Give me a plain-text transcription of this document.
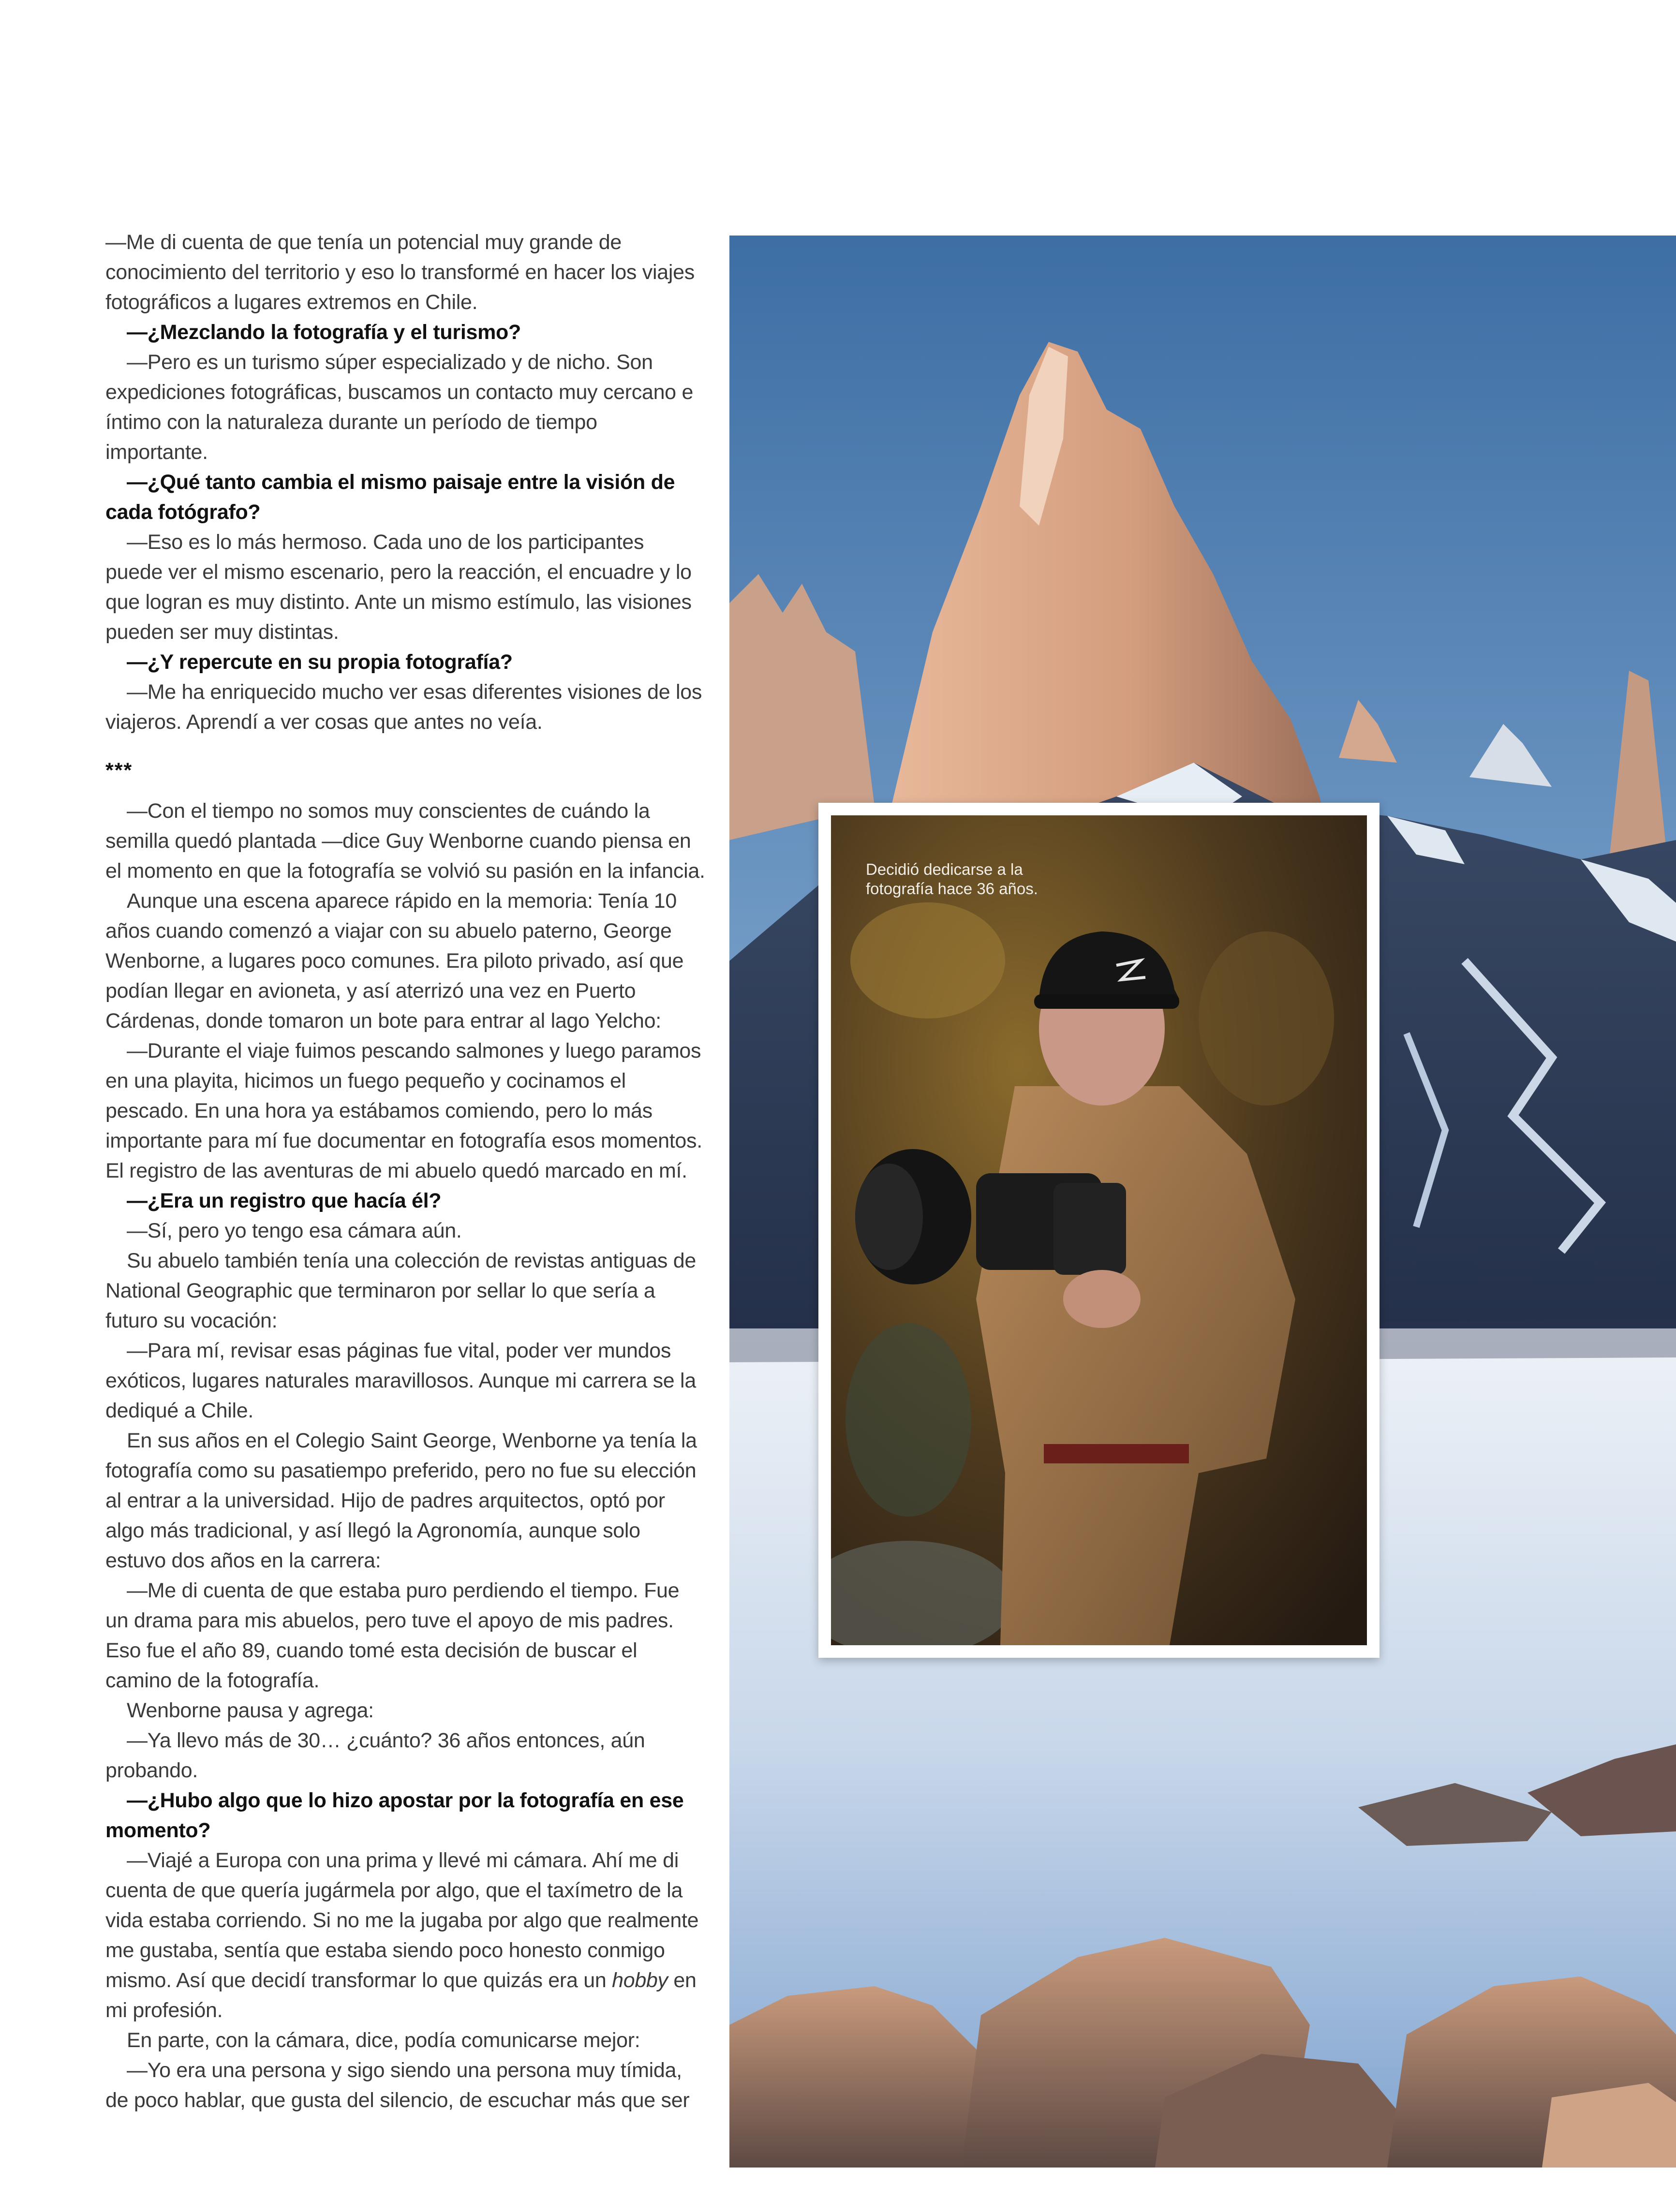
—Me di cuenta de que tenía un potencial muy grande de conocimiento del territorio y eso lo transformé en hacer los viajes fotográficos a lugares extremos en Chile.

—¿Mezclando la fotografía y el turismo?

—Pero es un turismo súper especializado y de nicho. Son expediciones fotográficas, buscamos un contacto muy cercano e íntimo con la naturaleza durante un período de tiempo importante.

—¿Qué tanto cambia el mismo paisaje entre la visión de cada fotógrafo?

—Eso es lo más hermoso. Cada uno de los participantes puede ver el mismo escenario, pero la reacción, el encuadre y lo que logran es muy distinto. Ante un mismo estímulo, las visiones pueden ser muy distintas.

—¿Y repercute en su propia fotografía?

—Me ha enriquecido mucho ver esas diferentes visiones de los viajeros. Aprendí a ver cosas que antes no veía.

***

—Con el tiempo no somos muy conscientes de cuándo la semilla quedó plantada —dice Guy Wenborne cuando piensa en el momento en que la fotografía se volvió su pasión en la infancia.

Aunque una escena aparece rápido en la memoria: Tenía 10 años cuando comenzó a viajar con su abuelo paterno, George Wenborne, a lugares poco comunes. Era piloto privado, así que podían llegar en avioneta, y así aterrizó una vez en Puerto Cárdenas, donde tomaron un bote para entrar al lago Yelcho:

—Durante el viaje fuimos pescando salmones y luego paramos en una playita, hicimos un fuego pequeño y cocinamos el pescado. En una hora ya estábamos comiendo, pero lo más importante para mí fue documentar en fotografía esos momentos. El registro de las aventuras de mi abuelo quedó marcado en mí.

—¿Era un registro que hacía él?

—Sí, pero yo tengo esa cámara aún.

Su abuelo también tenía una colección de revistas antiguas de National Geographic que terminaron por sellar lo que sería a futuro su vocación:

—Para mí, revisar esas páginas fue vital, poder ver mundos exóticos, lugares naturales maravillosos. Aunque mi carrera se la dediqué a Chile.

En sus años en el Colegio Saint George, Wenborne ya tenía la fotografía como su pasatiempo preferido, pero no fue su elección al entrar a la universidad. Hijo de padres arquitectos, optó por algo más tradicional, y así llegó la Agronomía, aunque solo estuvo dos años en la carrera:

—Me di cuenta de que estaba puro perdiendo el tiempo. Fue un drama para mis abuelos, pero tuve el apoyo de mis padres. Eso fue el año 89, cuando tomé esta decisión de buscar el camino de la fotografía.

Wenborne pausa y agrega:

—Ya llevo más de 30… ¿cuánto? 36 años entonces, aún probando.

—¿Hubo algo que lo hizo apostar por la fotografía en ese momento?

—Viajé a Europa con una prima y llevé mi cámara. Ahí me di cuenta de que quería jugármela por algo, que el taxímetro de la vida estaba corriendo. Si no me la jugaba por algo que realmente me gustaba, sentía que estaba siendo poco honesto conmigo mismo. Así que decidí transformar lo que quizás era un hobby en mi profesión.

En parte, con la cámara, dice, podía comunicarse mejor:

—Yo era una persona y sigo siendo una persona muy tímida, de poco hablar, que gusta del silencio, de escuchar más que ser

Decidió dedicarse a la fotografía hace 36 años.
